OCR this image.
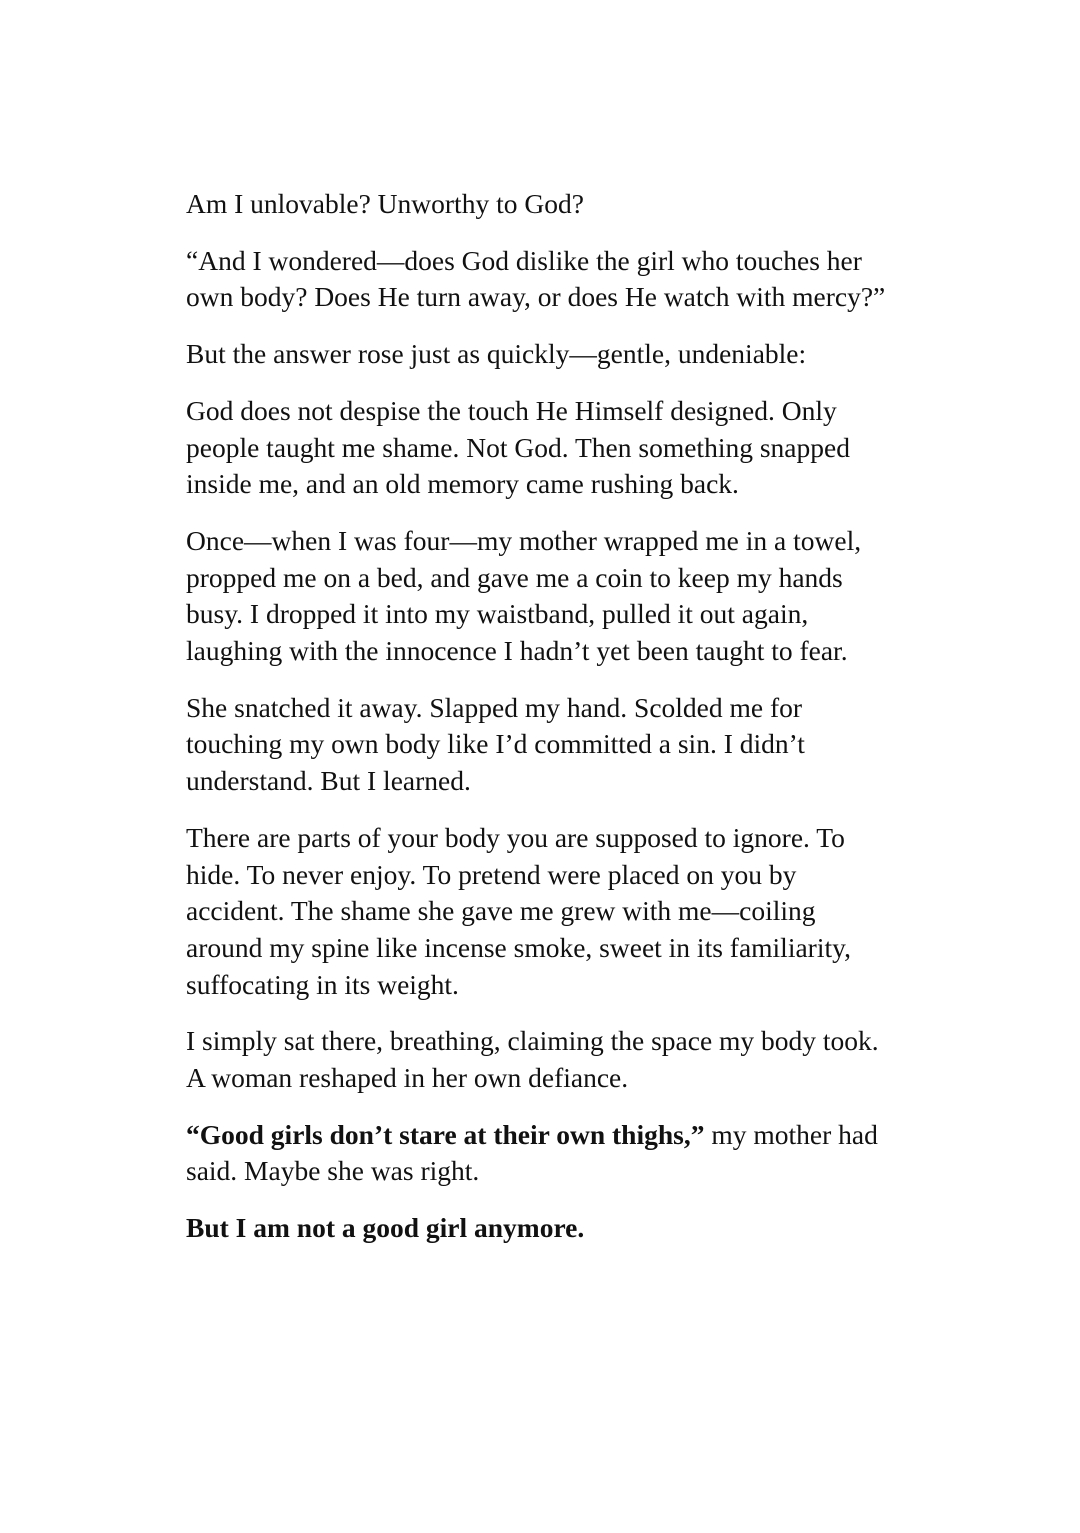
Am I unlovable? Unworthy to God?

“And I wondered—does God dislike the girl who touches her own body? Does He turn away, or does He watch with mercy?”

But the answer rose just as quickly—gentle, undeniable:

God does not despise the touch He Himself designed. Only people taught me shame. Not God. Then something snapped inside me, and an old memory came rushing back.

Once—when I was four—my mother wrapped me in a towel, propped me on a bed, and gave me a coin to keep my hands busy. I dropped it into my waistband, pulled it out again, laughing with the innocence I hadn’t yet been taught to fear.

She snatched it away. Slapped my hand. Scolded me for touching my own body like I’d committed a sin. I didn’t understand. But I learned.

There are parts of your body you are supposed to ignore. To hide. To never enjoy. To pretend were placed on you by accident. The shame she gave me grew with me—coiling around my spine like incense smoke, sweet in its familiarity, suffocating in its weight.

I simply sat there, breathing, claiming the space my body took. A woman reshaped in her own defiance.

“Good girls don’t stare at their own thighs,” my mother had said. Maybe she was right.

But I am not a good girl anymore.
